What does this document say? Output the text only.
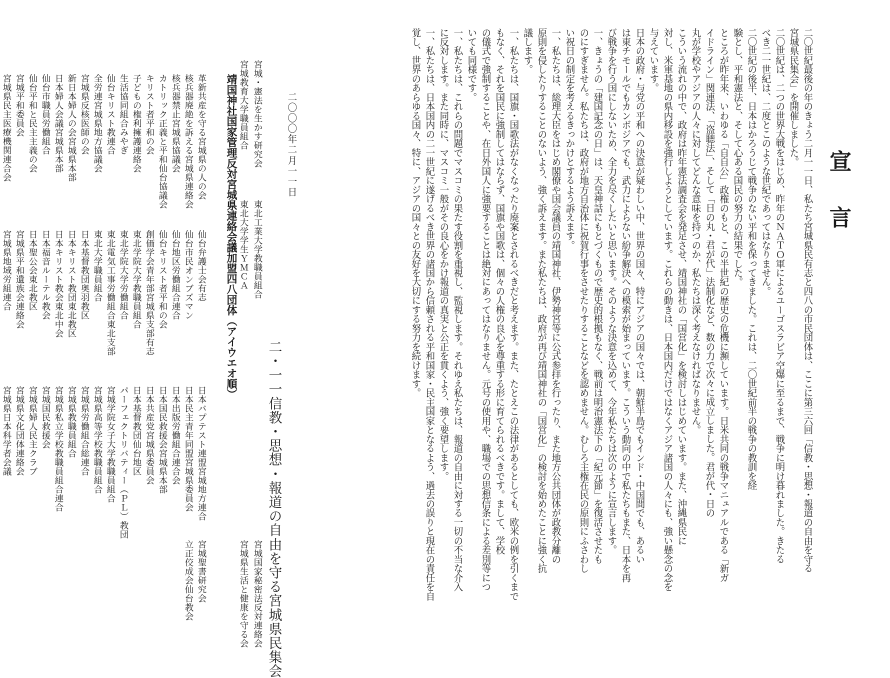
宣言

二〇世紀最後の年のきょう二月一一日、私たち宮城県民有志と四八の市民団体は、ここに第三六回「信教・思想・報道の自由を守る

宮城県民集会」を開催しました。

二〇世紀は、二つの世界大戦をはじめ、昨年のＮＡＴＯ軍によるユーゴスラビア空爆に至るまで、戦争に明け暮れました。きたる

べき二一世紀は、二度とこのような世紀であってはなりません。

二〇世紀の後半、日本はかろうじて戦争のない平和を保ってきました。これは、二〇世紀前半の戦争の教訓を経

験とし、平和憲法と、そして心ある国民の努力の結果でした。

ところが昨年来、いわゆる「自自公」政権のもと、この半世紀の歴史の危機に瀕しています。日米共同の戦争マニュアルである「新ガ

イドライン」関連法、「盗聴法」、そして「日の丸・君が代」法制化など、数の力で次々に成立しました。君が代・日の

丸が学校やアジアの人々に対してどんな意味を持つのか、私たちは深く考えなければなりません。

こういう流れの中で、政府は昨年憲法調査会を発足させ、靖国神社の「国営化」を検討しはじめています。また、沖縄県民に

対し、米軍基地の県内移設を強行しようとしています。これらの動きは、日本国内だけではなくアジア諸国の人々にも、強い懸念の念を

与えています。

日本の政府・与党の平和への決意が疑わしい中、世界の国々、特にアジアの国々では、朝鮮半島でもインド・中国間でも、あるい

は東チモールでもカンボジアでも、武力によらない紛争解決への模索が始まっています。こういう動向の中で私たちもまた、日本を再

び戦争を行う国にしないため、全力を尽くしたいと思います。そのような決意を込めて、今年私たちは次のように宣言します。

一、きょうの「建国記念の日」は、天皇神話にもとづくもので歴史的根拠もなく、戦前は明治憲法下の「紀元節」を復活させたも

のにすぎません。私たちは、政府が地方自治体に祝賀行事をさせたりすることなどを認めません。むしろ主権在民の原則にふさわし

い祝日の制定を考えるきっかけとするよう訴えます。

一、私たちは、総理大臣をはじめ閣僚や国会議員の靖国神社、伊勢神宮等に公式参拝を行ったり、また地方公共団体が政教分離の

原則を侵したりすることのないよう、強く訴えます。また私たちは、政府が再び靖国神社の「国営化」の検討を始めたことに強く抗

議します。

一、私たちは、国旗・国歌法がなくなったり廃案とされるべきだと考えます。また、たとえこの法律があるとしても、欧米の例を引くまで

もなく、それを国民に強制してはならず、国旗や国歌は、個々の人権の良心を尊重する形に育てられるべきです。まして、学校

の儀式で強制することや、在日外国人に強要することは絶対にあってはなりません。元号の使用や、職場での思想信条による差別等につ

いても同様です。

一、私たちは、これらの問題でマスコミの果たす役割を重視し、監視します。それゆえ私たちは、報道の自由に対する一切の不当な介入

に反対します。また同時に、マスコミ一般がその良心をかけ報道の真実と公正を貫くよう、強く要望します。

一、私たちは、日本国内の二一世紀に遂げるべき世界の諸国から信頼される平和国家・民主国家となるよう、過去の誤りと現在の責任を自

覚し、世界のあらゆる国々、特に、アジアの国々との友好を大切にする努力を続けます。

二〇〇〇年二月一一日
二・一一信教・思想・報道の自由を守る宮城県民集会
靖国神社国家管理反対宮城県連絡会議加盟四八団体（アイウエオ順） 宮城・憲法を生かす研究会
宮城教育大学職員組合
東北工業大学教職員組合
東北大学学生ＹＭＣＡ
革新共産を守る宮城県の人の会
核兵器廃絶を訴える宮城県連絡会
核兵器禁止宮城県協議会
カトリック正義と平和仙台協議会
キリスト者平和の会
子どもの権利擁護連絡会
生活協同組合みやぎ
仙台キリスト教連合
全労連宮城県地方協議会
宮城県反核医師の会
新日本婦人の会宮城県本部
日本婦人会議宮城県本部
仙台市職員労働組合
仙台平和と民主主義の会
仙台弁護士会有志
仙台市民オンブズマン
仙台地区労働組合連合
仙台キリスト者平和の会
創価学会青年部宮城県支部有志
東北学院大学教職員組合
東北学院大学労働組合
東北電気工事労働組合東北支部
東北大学職員組合
日本基督教団奥羽教区
日本キリスト教団東北教区
日本キリスト教会東北中会
日本福音ルーテル教会
日本聖公会東北教区
日本バプテスト連盟宮城地方連合
日本民主青年同盟宮城県委員会
日本出版労働組合連合会
日本国民救援会宮城県本部
日本共産党宮城県委員会
日本基督教団仙台地区
パーフェクトリバティー（ＰＬ）教団
宮城学院女子大学教職員組合
宮城県高等学校教職員組合
宮城県労働組合総連合
宮城県教職員組合
宮城県私立学校教職員組合連合
宮城国民救援会
宮城県婦人民主クラブ
宮城平和委員会
宮城県平和遺族会連絡会
宮城県文化団体連絡会
宮城県民主医療機関連合会
宮城県地域労組連合
宮城県日本科学者会議
宮城国家秘密法反対連絡会
宮城県生活と健康を守る会
宮城聖書研究会
立正佼成会仙台教会
